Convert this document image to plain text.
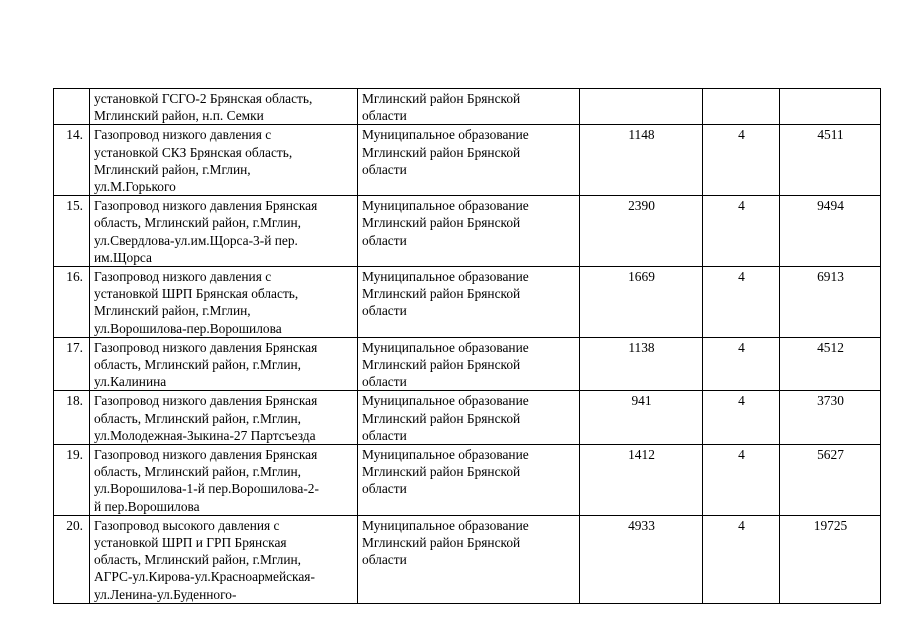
	установкой ГСГО-2 Брянская область,
Мглинский район, н.п. Семки	Мглинский район Брянской
области			

14.	Газопровод низкого давления с
установкой СКЗ Брянская область,
Мглинский район, г.Мглин,
ул.М.Горького	Муниципальное образование
Мглинский район Брянской
области	1148	4	4511
15.	Газопровод низкого давления Брянская
область, Мглинский район, г.Мглин,
ул.Свердлова-ул.им.Щорса-3-й пер.
им.Щорса	Муниципальное образование
Мглинский район Брянской
области	2390	4	9494
16.	Газопровод низкого давления с
установкой ШРП Брянская область,
Мглинский район, г.Мглин,
ул.Ворошилова-пер.Ворошилова	Муниципальное образование
Мглинский район Брянской
области	1669	4	6913
17.	Газопровод низкого давления Брянская
область, Мглинский район, г.Мглин,
ул.Калинина	Муниципальное образование
Мглинский район Брянской
области	1138	4	4512
18.	Газопровод низкого давления Брянская
область, Мглинский район, г.Мглин,
ул.Молодежная-Зыкина-27 Партсъезда	Муниципальное образование
Мглинский район Брянской
области	941	4	3730
19.	Газопровод низкого давления Брянская
область, Мглинский район, г.Мглин,
ул.Ворошилова-1-й пер.Ворошилова-2-
й пер.Ворошилова	Муниципальное образование
Мглинский район Брянской
области	1412	4	5627
20.	Газопровод высокого давления с
установкой ШРП и ГРП Брянская
область, Мглинский район, г.Мглин,
АГРС-ул.Кирова-ул.Красноармейская-
ул.Ленина-ул.Буденного-	Муниципальное образование
Мглинский район Брянской
области	4933	4	19725
